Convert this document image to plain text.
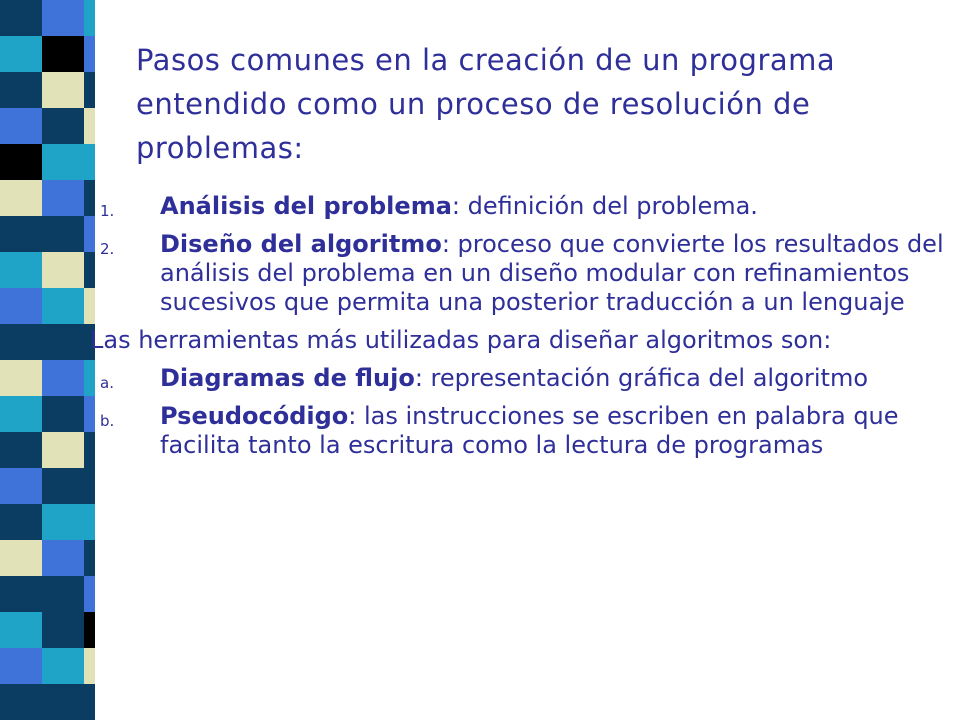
Pasos comunes en la creación de un programa entendido como un proceso de resolución de problemas:
1. Análisis del problema: definición del problema.
2. Diseño del algoritmo: proceso que convierte los resultados del análisis del problema en un diseño modular con refinamientos sucesivos que permita una posterior traducción a un lenguaje
Las herramientas más utilizadas para diseñar algoritmos son:
a. Diagramas de flujo: representación gráfica del algoritmo
b. Pseudocódigo: las instrucciones se escriben en palabra que facilita tanto la escritura como la lectura de programas
